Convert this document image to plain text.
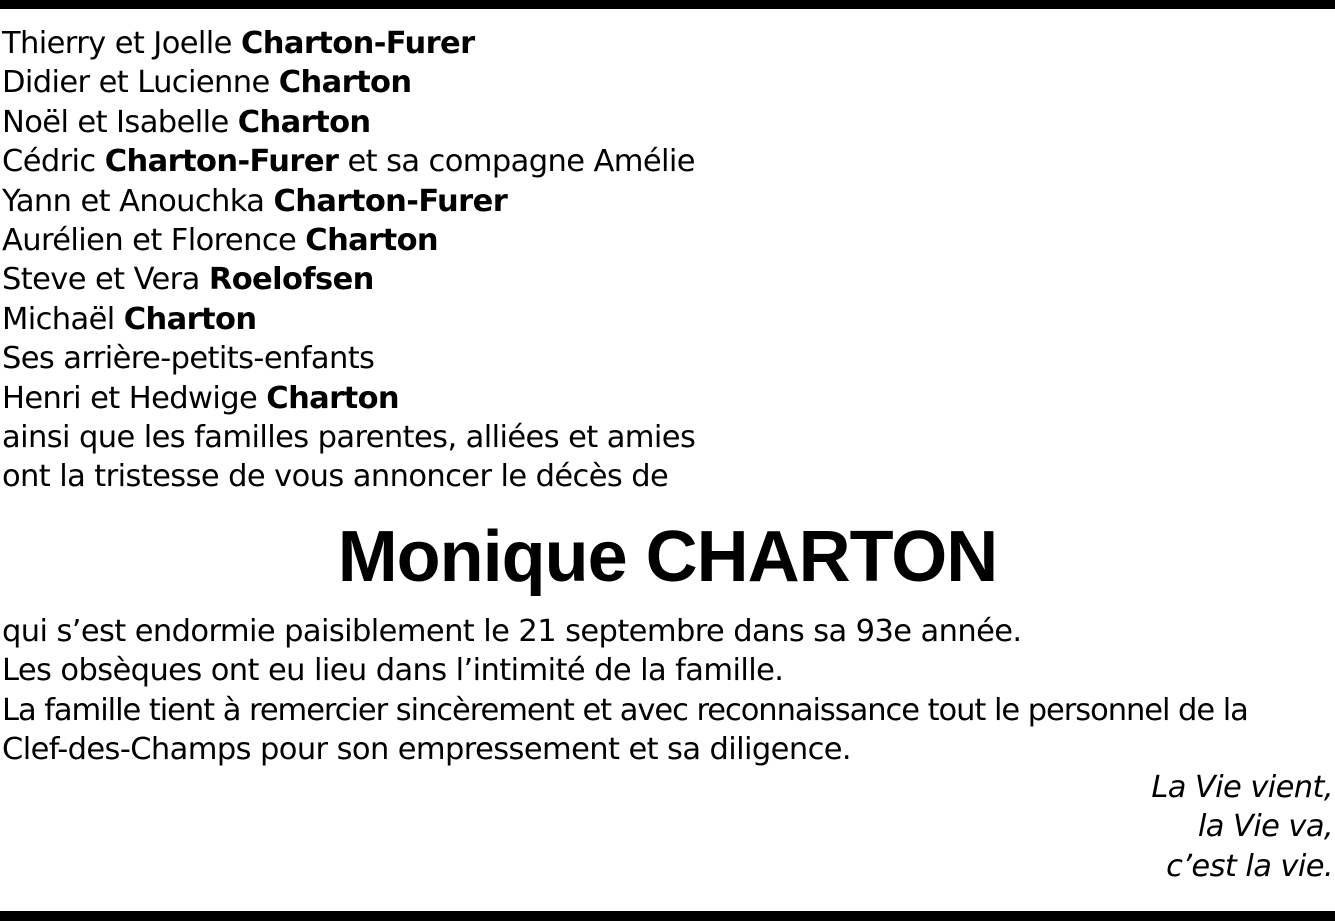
Thierry et Joelle Charton-Furer
Didier et Lucienne Charton
Noël et Isabelle Charton
Cédric Charton-Furer et sa compagne Amélie
Yann et Anouchka Charton-Furer
Aurélien et Florence Charton
Steve et Vera Roelofsen
Michaël Charton
Ses arrière-petits-enfants
Henri et Hedwige Charton
ainsi que les familles parentes, alliées et amies
ont la tristesse de vous annoncer le décès de
Monique CHARTON

qui s’est endormie paisiblement le 21 septembre dans sa 93e année.

Les obsèques ont eu lieu dans l’intimité de la famille.

La famille tient à remercier sincèrement et avec reconnaissance tout le personnel de la

Clef-des-Champs pour son empressement et sa diligence.

La Vie vient,
la Vie va,
c’est la vie.
